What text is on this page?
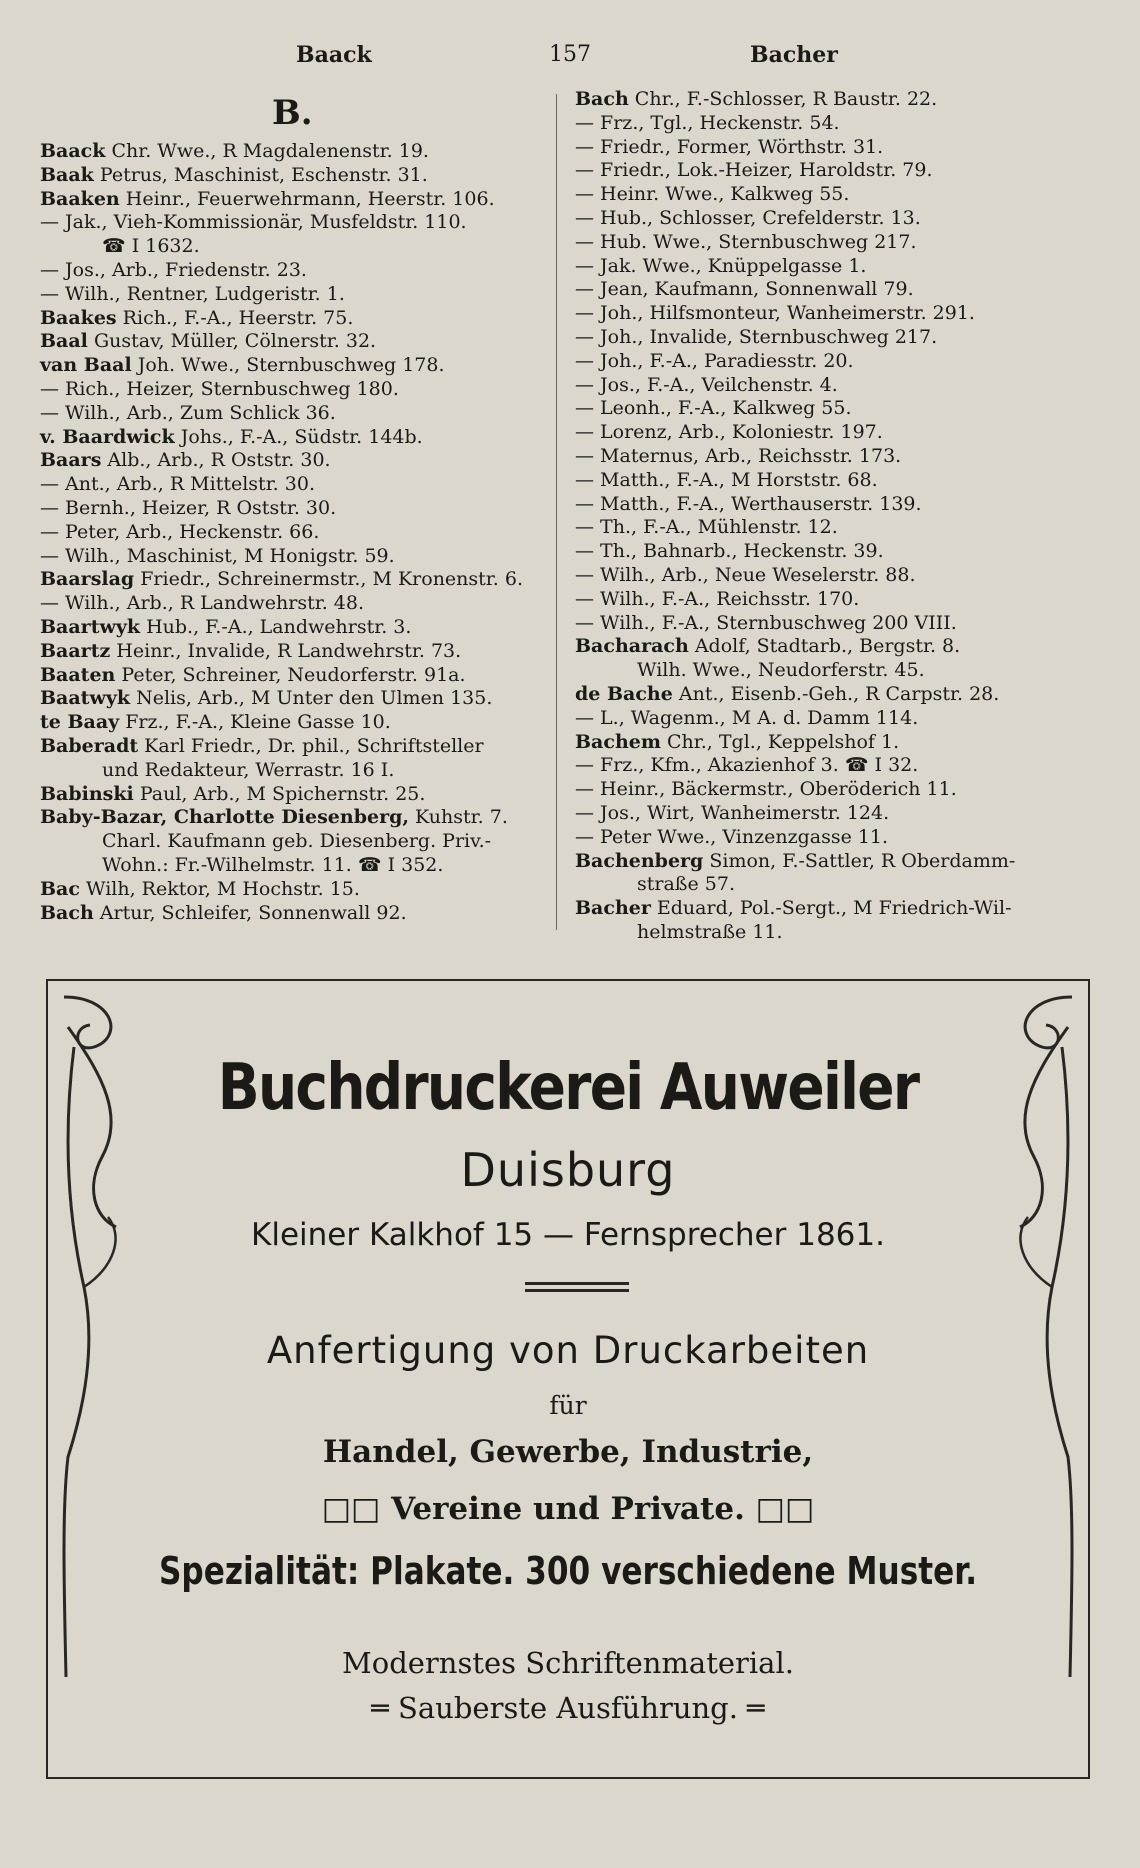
Baack	157	Bacher
B.
Baack Chr. Wwe., R Magdalenenstr. 19.
Baak Petrus, Maschinist, Eschenstr. 31.
Baaken Heinr., Feuerwehrmann, Heerstr. 106.
— Jak., Vieh-Kommissionär, Musfeldstr. 110.
☎ I 1632.
— Jos., Arb., Friedenstr. 23.
— Wilh., Rentner, Ludgeristr. 1.
Baakes Rich., F.-A., Heerstr. 75.
Baal Gustav, Müller, Cölnerstr. 32.
van Baal Joh. Wwe., Sternbuschweg 178.
— Rich., Heizer, Sternbuschweg 180.
— Wilh., Arb., Zum Schlick 36.
v. Baardwick Johs., F.-A., Südstr. 144b.
Baars Alb., Arb., R Oststr. 30.
— Ant., Arb., R Mittelstr. 30.
— Bernh., Heizer, R Oststr. 30.
— Peter, Arb., Heckenstr. 66.
— Wilh., Maschinist, M Honigstr. 59.
Baarslag Friedr., Schreinermstr., M Kronenstr. 6.
— Wilh., Arb., R Landwehrstr. 48.
Baartwyk Hub., F.-A., Landwehrstr. 3.
Baartz Heinr., Invalide, R Landwehrstr. 73.
Baaten Peter, Schreiner, Neudorferstr. 91a.
Baatwyk Nelis, Arb., M Unter den Ulmen 135.
te Baay Frz., F.-A., Kleine Gasse 10.
Baberadt Karl Friedr., Dr. phil., Schriftsteller
und Redakteur, Werrastr. 16 I.
Babinski Paul, Arb., M Spichernstr. 25.
Baby-Bazar, Charlotte Diesenberg, Kuhstr. 7.
Charl. Kaufmann geb. Diesenberg. Priv.-
Wohn.: Fr.-Wilhelmstr. 11. ☎ I 352.
Bac Wilh, Rektor, M Hochstr. 15.
Bach Artur, Schleifer, Sonnenwall 92.
Bach Chr., F.-Schlosser, R Baustr. 22.
— Frz., Tgl., Heckenstr. 54.
— Friedr., Former, Wörthstr. 31.
— Friedr., Lok.-Heizer, Haroldstr. 79.
— Heinr. Wwe., Kalkweg 55.
— Hub., Schlosser, Crefelderstr. 13.
— Hub. Wwe., Sternbuschweg 217.
— Jak. Wwe., Knüppelgasse 1.
— Jean, Kaufmann, Sonnenwall 79.
— Joh., Hilfsmonteur, Wanheimerstr. 291.
— Joh., Invalide, Sternbuschweg 217.
— Joh., F.-A., Paradiesstr. 20.
— Jos., F.-A., Veilchenstr. 4.
— Leonh., F.-A., Kalkweg 55.
— Lorenz, Arb., Koloniestr. 197.
— Maternus, Arb., Reichsstr. 173.
— Matth., F.-A., M Horststr. 68.
— Matth., F.-A., Werthauserstr. 139.
— Th., F.-A., Mühlenstr. 12.
— Th., Bahnarb., Heckenstr. 39.
— Wilh., Arb., Neue Weselerstr. 88.
— Wilh., F.-A., Reichsstr. 170.
— Wilh., F.-A., Sternbuschweg 200 VIII.
Bacharach Adolf, Stadtarb., Bergstr. 8.
Wilh. Wwe., Neudorferstr. 45.
de Bache Ant., Eisenb.-Geh., R Carpstr. 28.
— L., Wagenm., M A. d. Damm 114.
Bachem Chr., Tgl., Keppelshof 1.
— Frz., Kfm., Akazienhof 3. ☎ I 32.
— Heinr., Bäckermstr., Oberöderich 11.
— Jos., Wirt, Wanheimerstr. 124.
— Peter Wwe., Vinzenzgasse 11.
Bachenberg Simon, F.-Sattler, R Oberdamm-
straße 57.
Bacher Eduard, Pol.-Sergt., M Friedrich-Wil-
helmstraße 11.
Buchdruckerei Auweiler
Duisburg
Kleiner Kalkhof 15 — Fernsprecher 1861.
Anfertigung von Druckarbeiten
für
Handel, Gewerbe, Industrie,
□□ Vereine und Private. □□
Spezialität: Plakate. 300 verschiedene Muster.
Modernstes Schriftenmaterial.
═ Sauberste Ausführung. ═
